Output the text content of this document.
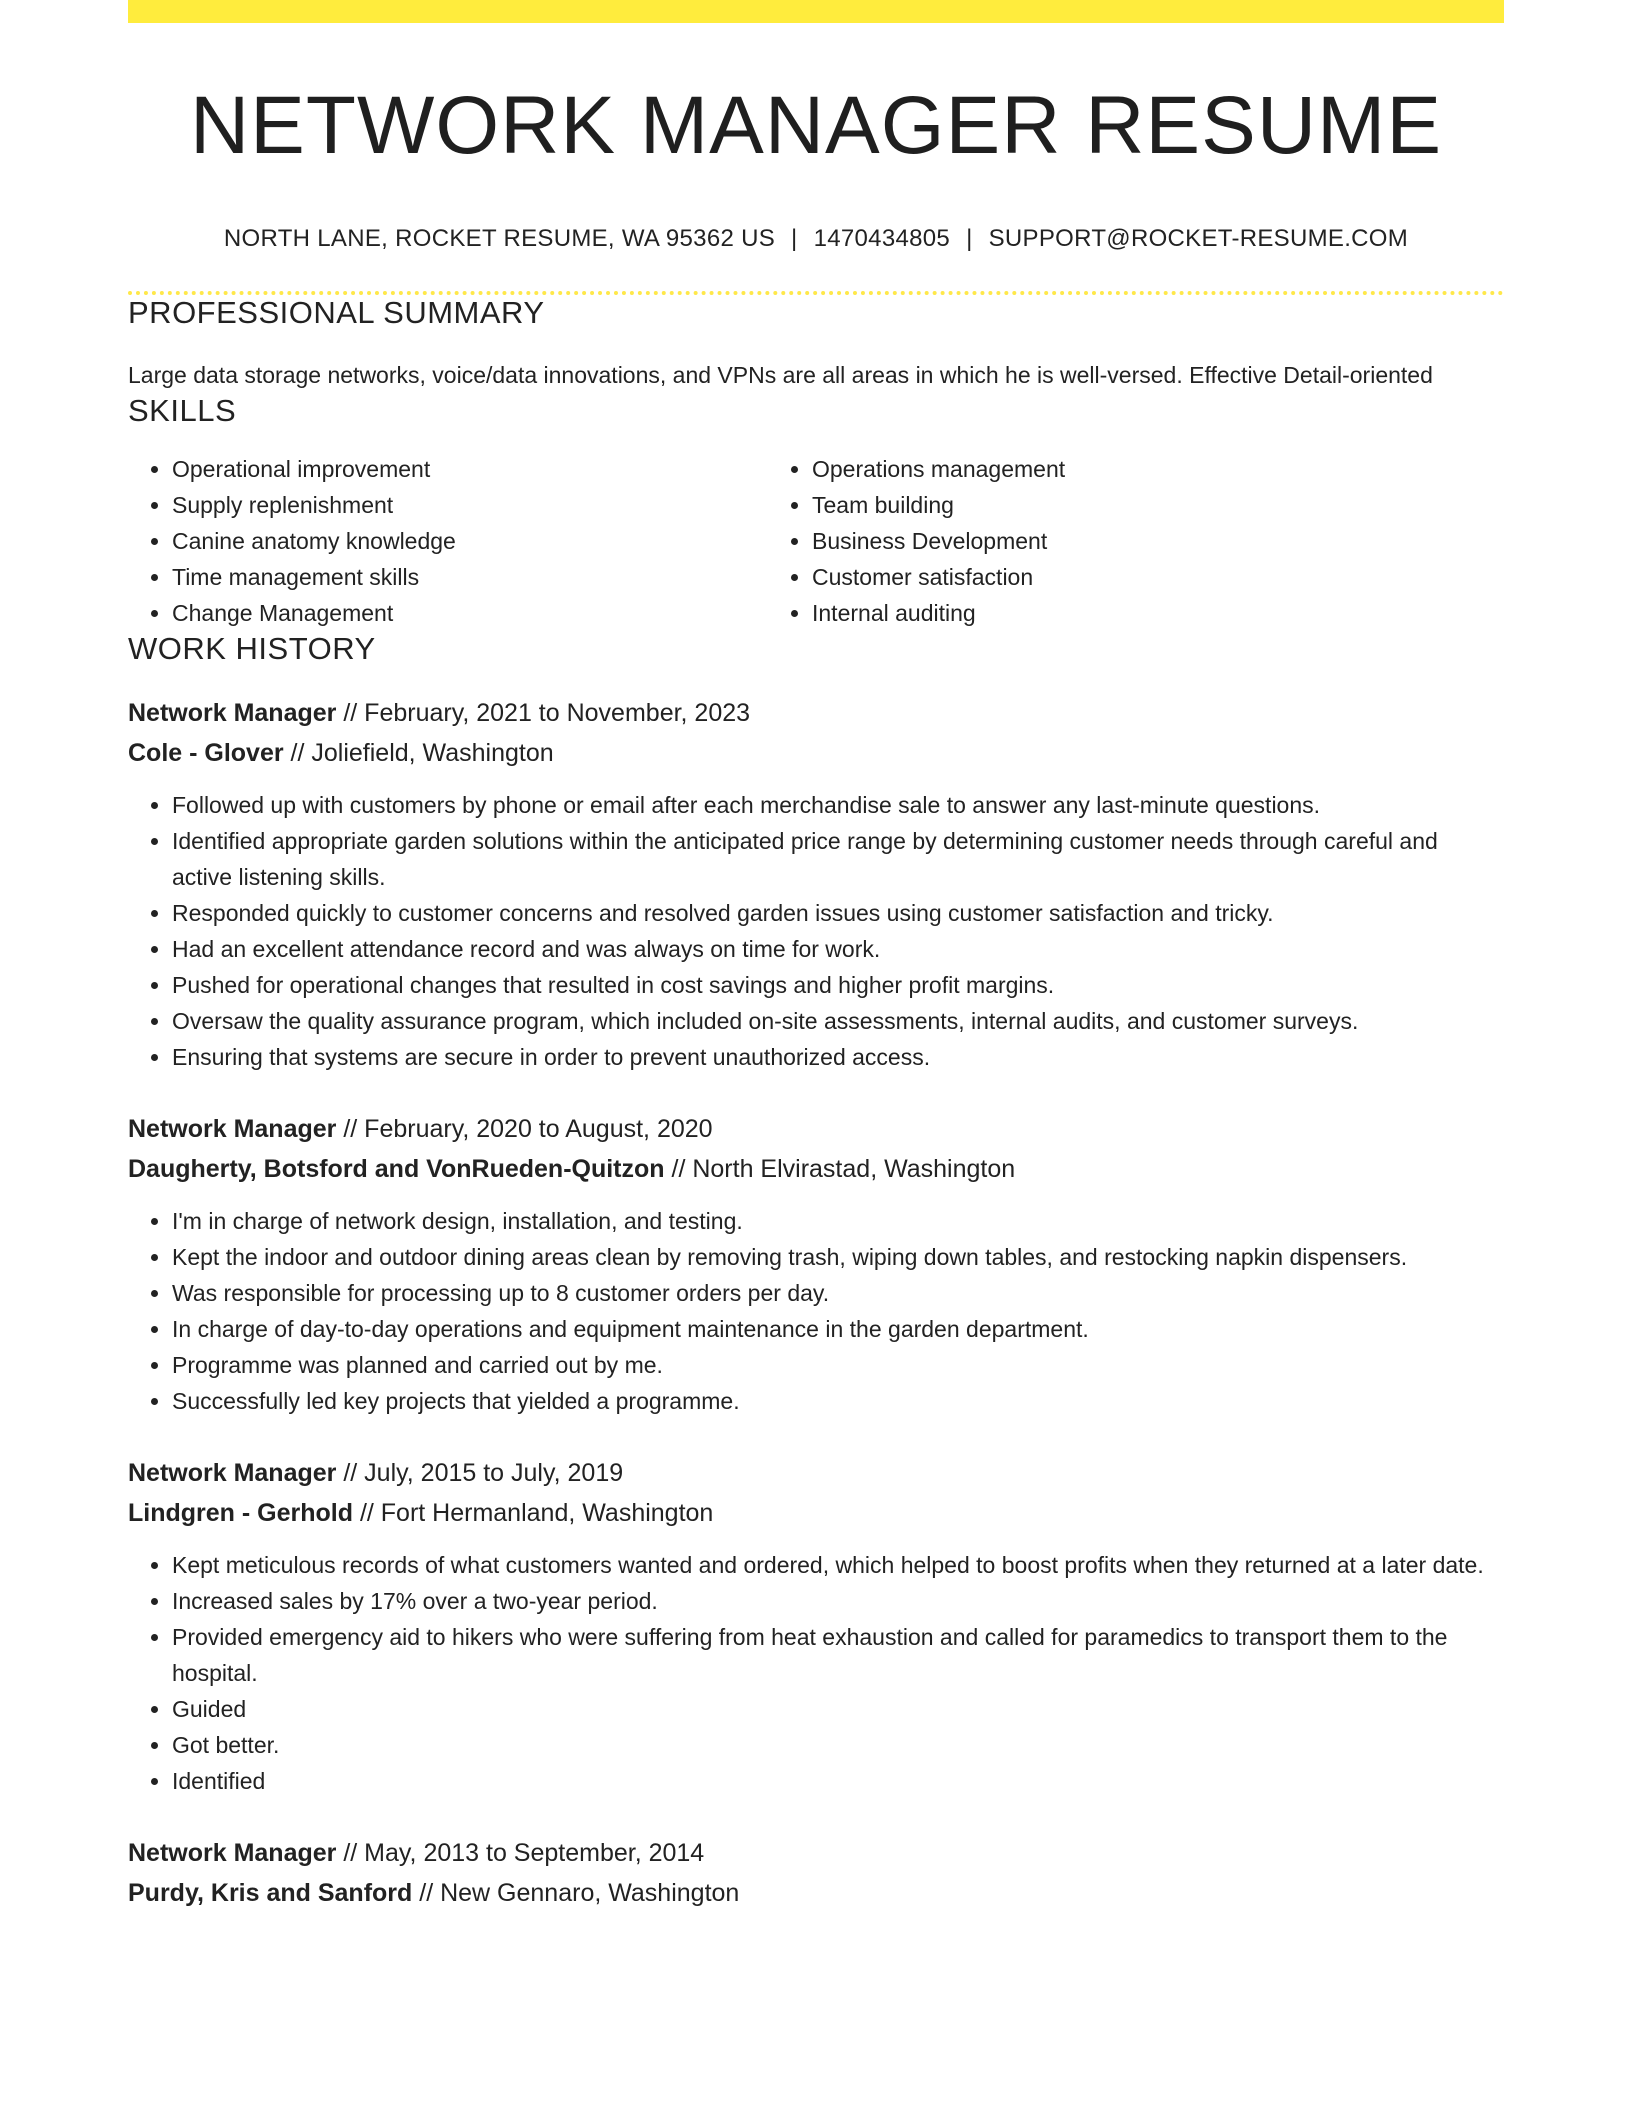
NETWORK MANAGER RESUME
NORTH LANE, ROCKET RESUME, WA 95362 US | 1470434805 | SUPPORT@ROCKET-RESUME.COM
PROFESSIONAL SUMMARY
Large data storage networks, voice/data innovations, and VPNs are all areas in which he is well-versed. Effective Detail-oriented
SKILLS
• Operational improvement
• Supply replenishment
• Canine anatomy knowledge
• Time management skills
• Change Management
• Operations management
• Team building
• Business Development
• Customer satisfaction
• Internal auditing
WORK HISTORY
Network Manager // February, 2021 to November, 2023
Cole - Glover // Joliefield, Washington
• Followed up with customers by phone or email after each merchandise sale to answer any last-minute questions.
• Identified appropriate garden solutions within the anticipated price range by determining customer needs through careful and active listening skills.
• Responded quickly to customer concerns and resolved garden issues using customer satisfaction and tricky.
• Had an excellent attendance record and was always on time for work.
• Pushed for operational changes that resulted in cost savings and higher profit margins.
• Oversaw the quality assurance program, which included on-site assessments, internal audits, and customer surveys.
• Ensuring that systems are secure in order to prevent unauthorized access.
Network Manager // February, 2020 to August, 2020
Daugherty, Botsford and VonRueden-Quitzon // North Elvirastad, Washington
• I'm in charge of network design, installation, and testing.
• Kept the indoor and outdoor dining areas clean by removing trash, wiping down tables, and restocking napkin dispensers.
• Was responsible for processing up to 8 customer orders per day.
• In charge of day-to-day operations and equipment maintenance in the garden department.
• Programme was planned and carried out by me.
• Successfully led key projects that yielded a programme.
Network Manager // July, 2015 to July, 2019
Lindgren - Gerhold // Fort Hermanland, Washington
• Kept meticulous records of what customers wanted and ordered, which helped to boost profits when they returned at a later date.
• Increased sales by 17% over a two-year period.
• Provided emergency aid to hikers who were suffering from heat exhaustion and called for paramedics to transport them to the hospital.
• Guided
• Got better.
• Identified
Network Manager // May, 2013 to September, 2014
Purdy, Kris and Sanford // New Gennaro, Washington
